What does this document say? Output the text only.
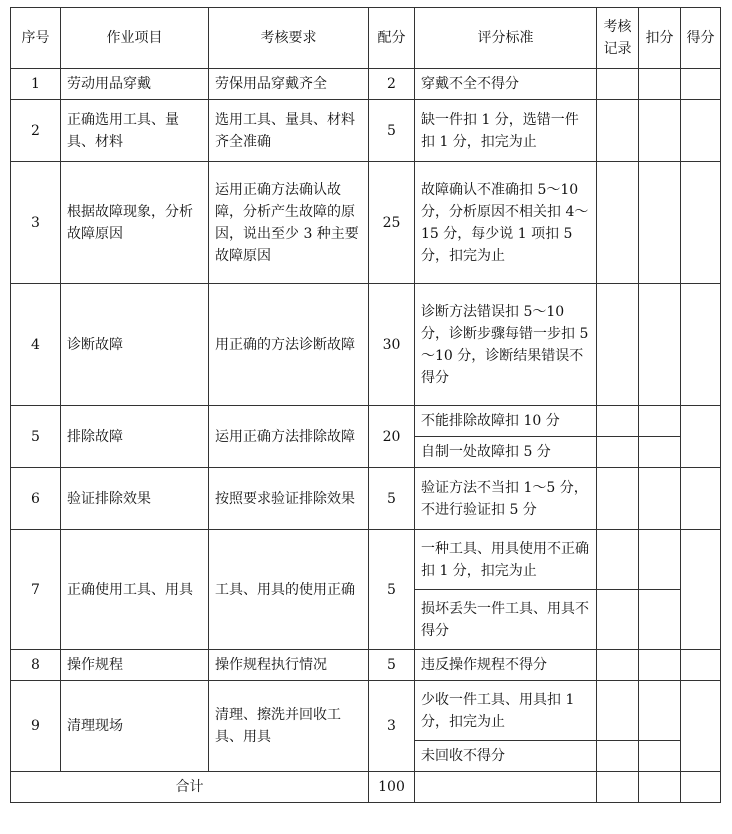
序号	作业项目	考核要求	配分	评分标准	考核记录	扣分	得分
1	劳动用品穿戴	劳保用品穿戴齐全	2	穿戴不全不得分			
2	正确选用工具、量具、材料	选用工具、量具、材料齐全准确	5	缺一件扣 1 分，选错一件扣 1 分，扣完为止			
3	根据故障现象，分析故障原因	运用正确方法确认故障，分析产生故障的原因，说出至少 3 种主要故障原因	25	故障确认不准确扣 5～10 分，分析原因不相关扣 4～15 分，每少说 1 项扣 5 分，扣完为止			
4	诊断故障	用正确的方法诊断故障	30	诊断方法错误扣 5～10 分，诊断步骤每错一步扣 5～10 分，诊断结果错误不得分			
5	排除故障	运用正确方法排除故障	20	不能排除故障扣 10 分			
				自制一处故障扣 5 分			
6	验证排除效果	按照要求验证排除效果	5	验证方法不当扣 1～5 分，不进行验证扣 5 分			
7	正确使用工具、用具	工具、用具的使用正确	5	一种工具、用具使用不正确扣 1 分，扣完为止			
				损坏丢失一件工具、用具不得分			
8	操作规程	操作规程执行情况	5	违反操作规程不得分			
9	清理现场	清理、擦洗并回收工具、用具	3	少收一件工具、用具扣 1 分，扣完为止			
				未回收不得分			
合计			100				
